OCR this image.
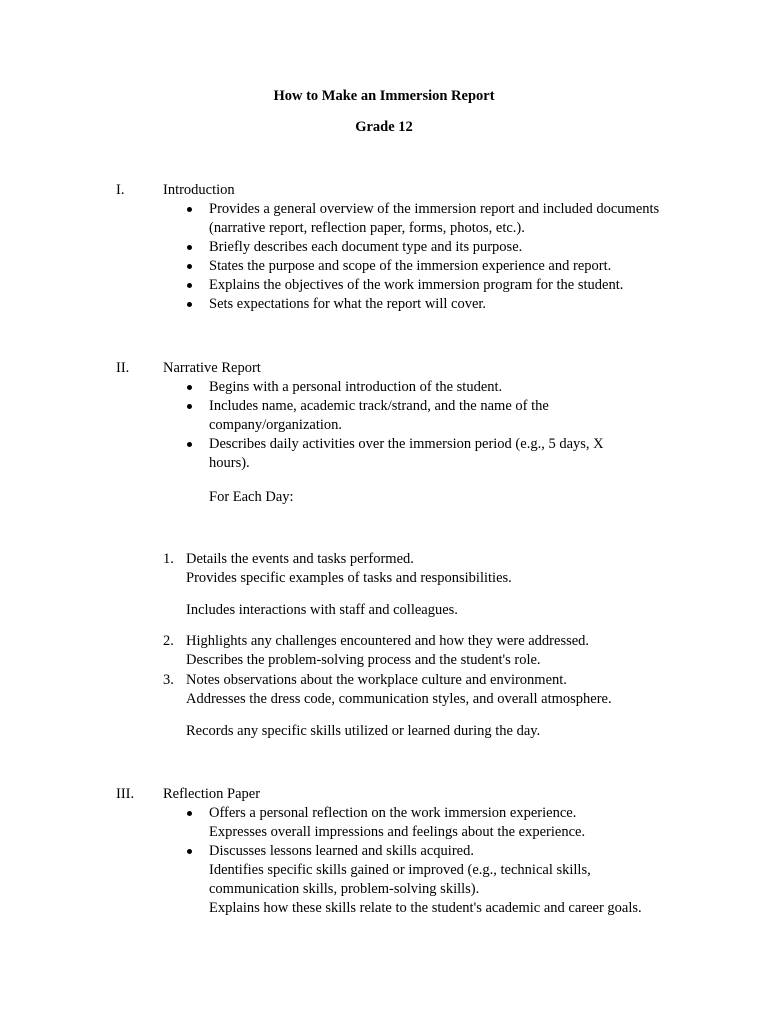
How to Make an Immersion Report
Grade 12
I.	Introduction
Provides a general overview of the immersion report and included documents (narrative report, reflection paper, forms, photos, etc.).
Briefly describes each document type and its purpose.
States the purpose and scope of the immersion experience and report.
Explains the objectives of the work immersion program for the student.
Sets expectations for what the report will cover.
II. Narrative Report
Begins with a personal introduction of the student.
Includes name, academic track/strand, and the name of the company/organization.
Describes daily activities over the immersion period (e.g., 5 days, X hours).
For Each Day:
1. Details the events and tasks performed.
Provides specific examples of tasks and responsibilities.
Includes interactions with staff and colleagues.
2. Highlights any challenges encountered and how they were addressed.
Describes the problem-solving process and the student's role.
3. Notes observations about the workplace culture and environment.
Addresses the dress code, communication styles, and overall atmosphere.
Records any specific skills utilized or learned during the day.
III. Reflection Paper
Offers a personal reflection on the work immersion experience.
Expresses overall impressions and feelings about the experience.
Discusses lessons learned and skills acquired.
Identifies specific skills gained or improved (e.g., technical skills,
communication skills, problem-solving skills).
Explains how these skills relate to the student's academic and career goals.
